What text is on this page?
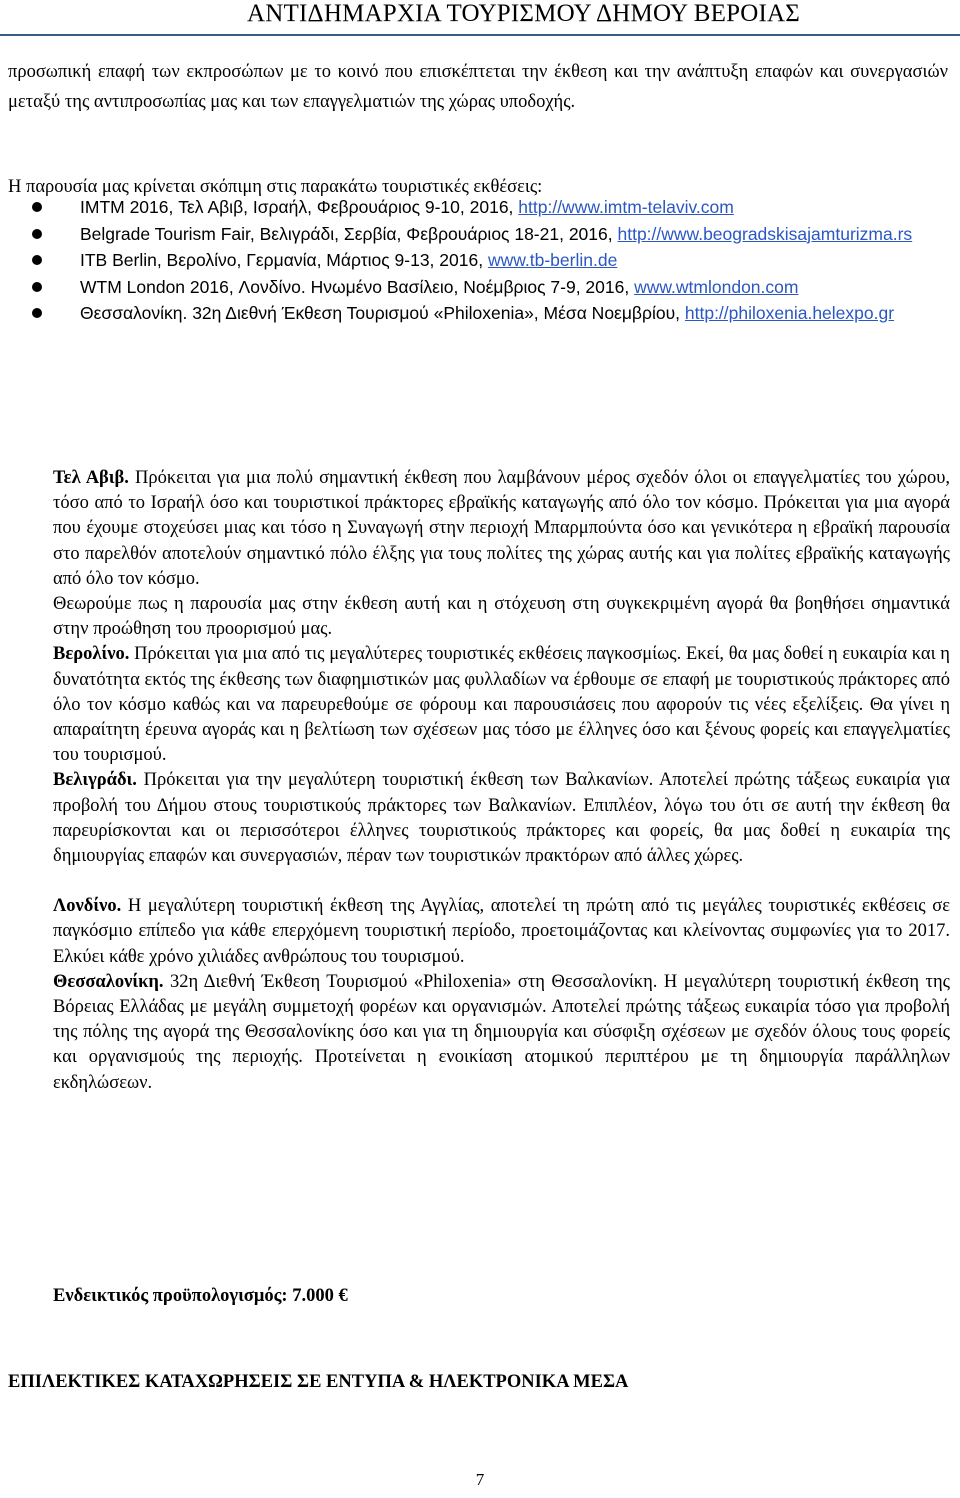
ΑΝΤΙΔΗΜΑΡΧΙΑ ΤΟΥΡΙΣΜΟΥ ΔΗΜΟΥ ΒΕΡΟΙΑΣ
προσωπική επαφή των εκπροσώπων με το κοινό που επισκέπτεται την έκθεση και την ανάπτυξη επαφών και συνεργασιών μεταξύ της αντιπροσωπίας μας και των επαγγελματιών της χώρας υποδοχής.
Η παρουσία μας κρίνεται σκόπιμη στις παρακάτω τουριστικές εκθέσεις:
IMTM 2016, Τελ Αβιβ, Ισραήλ, Φεβρουάριος 9-10, 2016, http://www.imtm-telaviv.com
Belgrade Tourism Fair, Βελιγράδι, Σερβία, Φεβρουάριος 18-21, 2016, http://www.beogradskisajamturizma.rs
ITB Berlin, Βερολίνο, Γερμανία, Μάρτιος 9-13, 2016, www.tb-berlin.de
WTM London 2016, Λονδίνο. Ηνωμένο Βασίλειο, Νοέμβριος 7-9, 2016, www.wtmlondon.com
Θεσσαλονίκη. 32η Διεθνή Έκθεση Τουρισμού «Philoxenia», Μέσα Νοεμβρίου, http://philoxenia.helexpo.gr

Τελ Αβιβ. Πρόκειται για μια πολύ σημαντική έκθεση που λαμβάνουν μέρος σχεδόν όλοι οι επαγγελματίες του χώρου, τόσο από το Ισραήλ όσο και τουριστικοί πράκτορες εβραϊκής καταγωγής από όλο τον κόσμο. Πρόκειται για μια αγορά που έχουμε στοχεύσει μιας και τόσο η Συναγωγή στην περιοχή Μπαρμπούντα όσο και γενικότερα η εβραϊκή παρουσία στο παρελθόν αποτελούν σημαντικό πόλο έλξης για τους πολίτες της χώρας αυτής και για πολίτες εβραϊκής καταγωγής από όλο τον κόσμο.

Θεωρούμε πως η παρουσία μας στην έκθεση αυτή και η στόχευση στη συγκεκριμένη αγορά θα βοηθήσει σημαντικά στην προώθηση του προορισμού μας.

Βερολίνο. Πρόκειται για μια από τις μεγαλύτερες τουριστικές εκθέσεις παγκοσμίως. Εκεί, θα μας δοθεί η ευκαιρία και η δυνατότητα εκτός της έκθεσης των διαφημιστικών μας φυλλαδίων να έρθουμε σε επαφή με τουριστικούς πράκτορες από όλο τον κόσμο καθώς και να παρευρεθούμε σε φόρουμ και παρουσιάσεις που αφορούν τις νέες εξελίξεις. Θα γίνει η απαραίτητη έρευνα αγοράς και η βελτίωση των σχέσεων μας τόσο με έλληνες όσο και ξένους φορείς και επαγγελματίες του τουρισμού.

Βελιγράδι. Πρόκειται για την μεγαλύτερη τουριστική έκθεση των Βαλκανίων. Αποτελεί πρώτης τάξεως ευκαιρία για προβολή του Δήμου στους τουριστικούς πράκτορες των Βαλκανίων. Επιπλέον, λόγω του ότι σε αυτή την έκθεση θα παρευρίσκονται και οι περισσότεροι έλληνες τουριστικούς πράκτορες και φορείς, θα μας δοθεί η ευκαιρία της δημιουργίας επαφών και συνεργασιών, πέραν των τουριστικών πρακτόρων από άλλες χώρες.

Λονδίνο. Η μεγαλύτερη τουριστική έκθεση της Αγγλίας, αποτελεί τη πρώτη από τις μεγάλες τουριστικές εκθέσεις σε παγκόσμιο επίπεδο για κάθε επερχόμενη τουριστική περίοδο, προετοιμάζοντας και κλείνοντας συμφωνίες για το 2017. Ελκύει κάθε χρόνο χιλιάδες ανθρώπους του τουρισμού.

Θεσσαλονίκη. 32η Διεθνή Έκθεση Τουρισμού «Philoxenia» στη Θεσσαλονίκη. Η μεγαλύτερη τουριστική έκθεση της Βόρειας Ελλάδας με μεγάλη συμμετοχή φορέων και οργανισμών. Αποτελεί πρώτης τάξεως ευκαιρία τόσο για προβολή της πόλης της αγορά της Θεσσαλονίκης όσο και για τη δημιουργία και σύσφιξη σχέσεων με σχεδόν όλους τους φορείς και οργανισμούς της περιοχής. Προτείνεται η ενοικίαση ατομικού περιπτέρου με τη δημιουργία παράλληλων εκδηλώσεων.

Ενδεικτικός προϋπολογισμός: 7.000 €
ΕΠΙΛΕΚΤΙΚΕΣ ΚΑΤΑΧΩΡΗΣΕΙΣ ΣΕ ΕΝΤΥΠΑ & ΗΛΕΚΤΡΟΝΙΚΑ ΜΕΣΑ
7
